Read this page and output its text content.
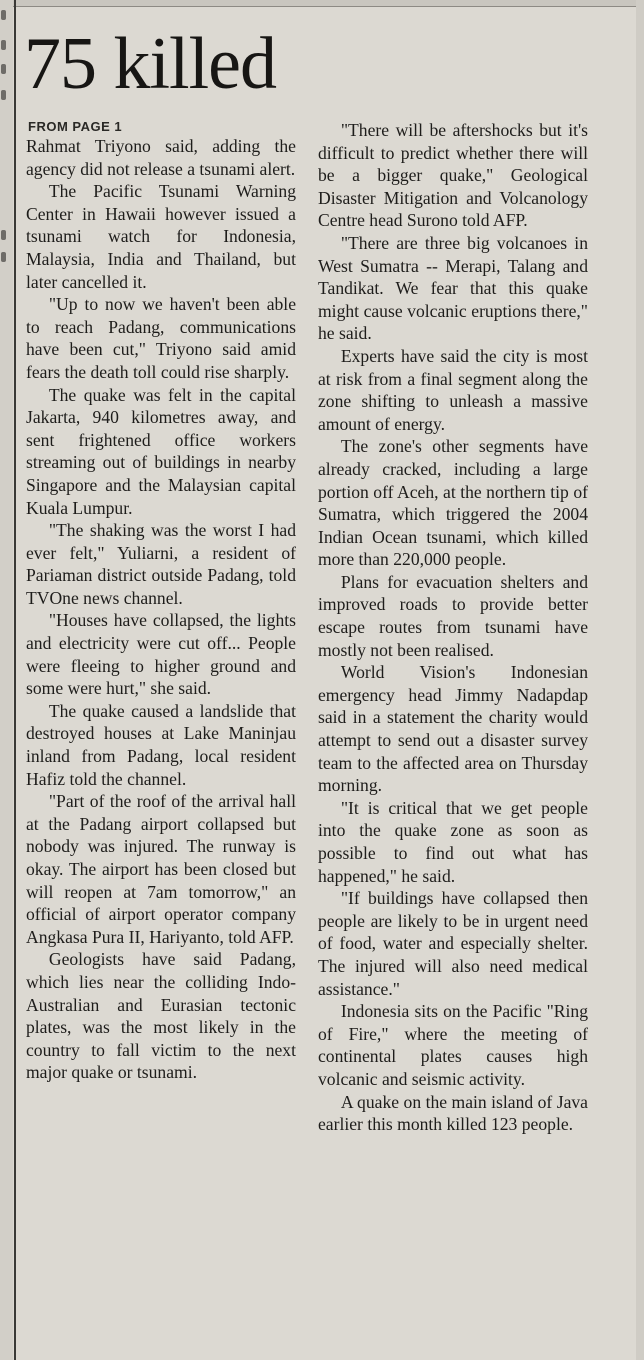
75 killed
FROM PAGE 1

Rahmat Triyono said, adding the agency did not release a tsunami alert.

The Pacific Tsunami Warning Center in Hawaii however issued a tsunami watch for Indonesia, Malaysia, India and Thailand, but later cancelled it.

"Up to now we haven't been able to reach Padang, communications have been cut," Triyono said amid fears the death toll could rise sharply.

The quake was felt in the capital Jakarta, 940 kilometres away, and sent frightened office workers streaming out of buildings in nearby Singapore and the Malaysian capital Kuala Lumpur.

"The shaking was the worst I had ever felt," Yuliarni, a resident of Pariaman district outside Padang, told TVOne news channel.

"Houses have collapsed, the lights and electricity were cut off... People were fleeing to higher ground and some were hurt," she said.

The quake caused a landslide that destroyed houses at Lake Maninjau inland from Padang, local resident Hafiz told the channel.

"Part of the roof of the arrival hall at the Padang airport collapsed but nobody was injured. The runway is okay. The airport has been closed but will reopen at 7am tomorrow," an official of airport operator company Angkasa Pura II, Hariyanto, told AFP.

Geologists have said Padang, which lies near the colliding Indo-Australian and Eurasian tectonic plates, was the most likely in the country to fall victim to the next major quake or tsunami.

"There will be aftershocks but it's difficult to predict whether there will be a bigger quake," Geological Disaster Mitigation and Volcanology Centre head Surono told AFP.

"There are three big volcanoes in West Sumatra -- Merapi, Talang and Tandikat. We fear that this quake might cause volcanic eruptions there," he said.

Experts have said the city is most at risk from a final segment along the zone shifting to unleash a massive amount of energy.

The zone's other segments have already cracked, including a large portion off Aceh, at the northern tip of Sumatra, which triggered the 2004 Indian Ocean tsunami, which killed more than 220,000 people.

Plans for evacuation shelters and improved roads to provide better escape routes from tsunami have mostly not been realised.

World Vision's Indonesian emergency head Jimmy Nadapdap said in a statement the charity would attempt to send out a disaster survey team to the affected area on Thursday morning.

"It is critical that we get people into the quake zone as soon as possible to find out what has happened," he said.

"If buildings have collapsed then people are likely to be in urgent need of food, water and especially shelter. The injured will also need medical assistance."

Indonesia sits on the Pacific "Ring of Fire," where the meeting of continental plates causes high volcanic and seismic activity.

A quake on the main island of Java earlier this month killed 123 people.
